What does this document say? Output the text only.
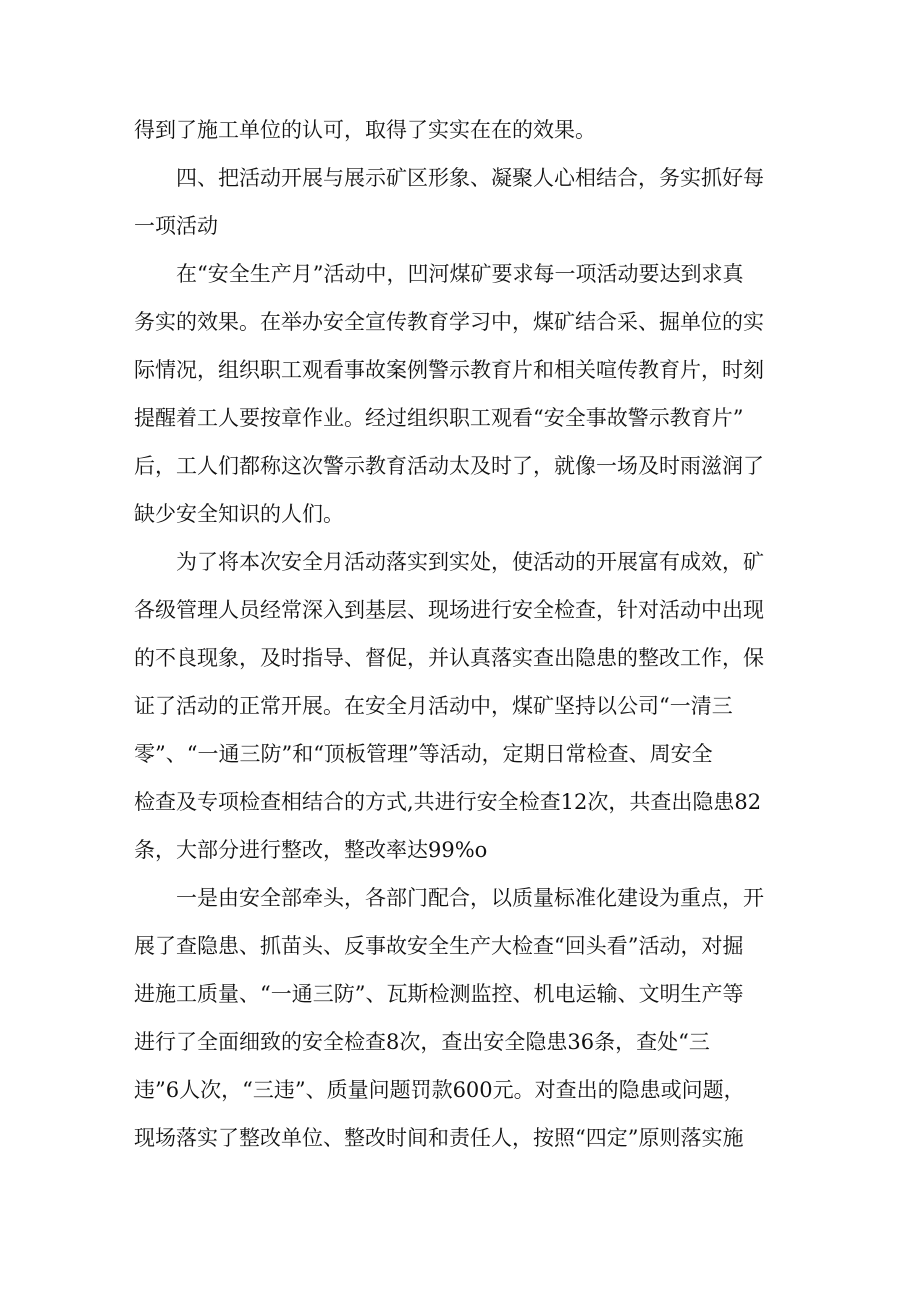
得到了施工单位的认可，取得了实实在在的效果。
四、把活动开展与展示矿区形象、凝聚人心相结合，务实抓好每
一项活动
在“安全生产月”活动中，凹河煤矿要求每一项活动要达到求真
务实的效果。在举办安全宣传教育学习中，煤矿结合采、掘单位的实
际情况，组织职工观看事故案例警示教育片和相关喧传教育片，时刻
提醒着工人要按章作业。经过组织职工观看“安全事故警示教育片”
后，工人们都称这次警示教育活动太及时了，就像一场及时雨滋润了
缺少安全知识的人们。
为了将本次安全月活动落实到实处，使活动的开展富有成效，矿
各级管理人员经常深入到基层、现场进行安全检查，针对活动中出现
的不良现象，及时指导、督促，并认真落实查出隐患的整改工作，保
证了活动的正常开展。在安全月活动中，煤矿坚持以公司“一清三
零”、“一通三防”和“顶板管理”等活动，定期日常检查、周安全
检查及专项检查相结合的方式,共进行安全检查12次，共查出隐患82
条，大部分进行整改，整改率达99%o
一是由安全部牵头，各部门配合，以质量标准化建设为重点，开
展了查隐患、抓苗头、反事故安全生产大检查“回头看”活动，对掘
进施工质量、“一通三防”、瓦斯检测监控、机电运输、文明生产等
进行了全面细致的安全检查8次，查出安全隐患36条，查处“三
违”6人次，“三违”、质量问题罚款600元。对查出的隐患或问题，
现场落实了整改单位、整改时间和责任人，按照“四定”原则落实施
